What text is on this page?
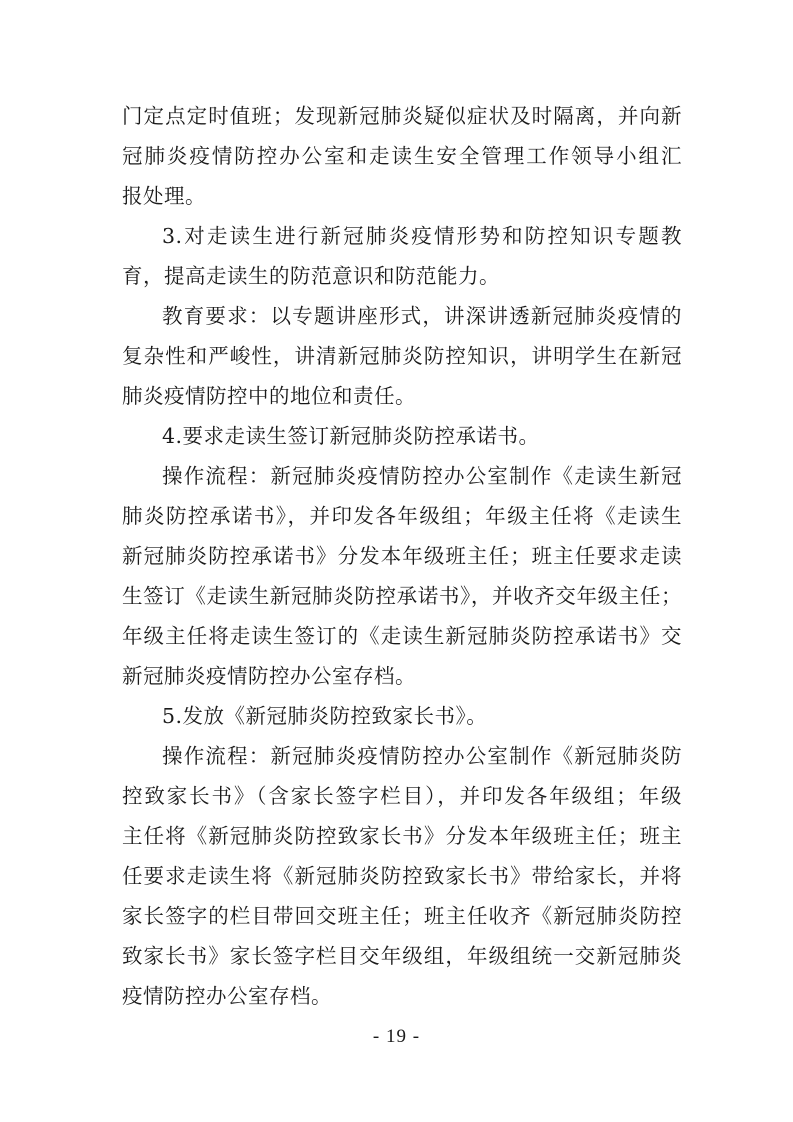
门定点定时值班；发现新冠肺炎疑似症状及时隔离，并向新
冠肺炎疫情防控办公室和走读生安全管理工作领导小组汇
报处理。
3.对走读生进行新冠肺炎疫情形势和防控知识专题教
育，提高走读生的防范意识和防范能力。
教育要求：以专题讲座形式，讲深讲透新冠肺炎疫情的
复杂性和严峻性，讲清新冠肺炎防控知识，讲明学生在新冠
肺炎疫情防控中的地位和责任。
4.要求走读生签订新冠肺炎防控承诺书。
操作流程：新冠肺炎疫情防控办公室制作《走读生新冠
肺炎防控承诺书》，并印发各年级组；年级主任将《走读生
新冠肺炎防控承诺书》分发本年级班主任；班主任要求走读
生签订《走读生新冠肺炎防控承诺书》，并收齐交年级主任；
年级主任将走读生签订的《走读生新冠肺炎防控承诺书》交
新冠肺炎疫情防控办公室存档。
5.发放《新冠肺炎防控致家长书》。
操作流程：新冠肺炎疫情防控办公室制作《新冠肺炎防
控致家长书》（含家长签字栏目），并印发各年级组；年级
主任将《新冠肺炎防控致家长书》分发本年级班主任；班主
任要求走读生将《新冠肺炎防控致家长书》带给家长，并将
家长签字的栏目带回交班主任；班主任收齐《新冠肺炎防控
致家长书》家长签字栏目交年级组，年级组统一交新冠肺炎
疫情防控办公室存档。
- 19 -
